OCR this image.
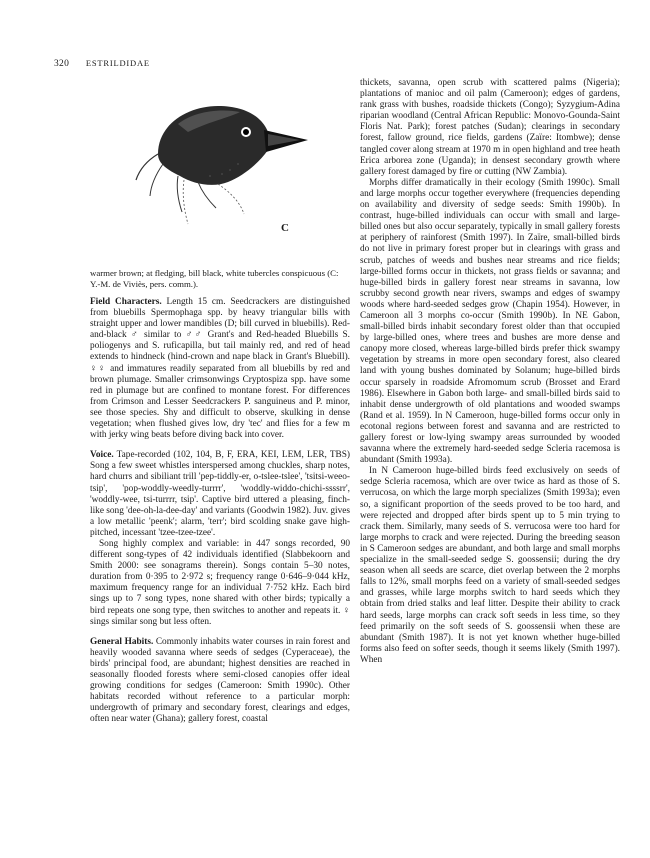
320 ESTRILDIDAE
C
warmer brown; at fledging, bill black, white tubercles conspicuous (C: Y.-M. de Viviès, pers. comm.).

Field Characters. Length 15 cm. Seedcrackers are distinguished from bluebills Spermophaga spp. by heavy triangular bills with straight upper and lower mandibles (D; bill curved in bluebills). Red-and-black ♂ similar to ♂♂ Grant's and Red-headed Bluebills S. poliogenys and S. ruficapilla, but tail mainly red, and red of head extends to hindneck (hind-crown and nape black in Grant's Bluebill). ♀♀ and immatures readily separated from all bluebills by red and brown plumage. Smaller crimsonwings Cryptospiza spp. have some red in plumage but are confined to montane forest. For differences from Crimson and Lesser Seedcrackers P. sanguineus and P. minor, see those species. Shy and difficult to observe, skulking in dense vegetation; when flushed gives low, dry 'tec' and flies for a few m with jerky wing beats before diving back into cover.

Voice. Tape-recorded (102, 104, B, F, ERA, KEI, LEM, LER, TBS) Song a few sweet whistles interspersed among chuckles, sharp notes, hard churrs and sibiliant trill 'pep-tiddly-er, o-tslee-tslee', 'tsitsi-weeo-tsip', 'pop-woddly-weedly-turrrr', 'woddly-widdo-chichi-ssssrr', 'woddly-wee, tsi-turrrr, tsip'. Captive bird uttered a pleasing, finch-like song 'dee-oh-la-dee-day' and variants (Goodwin 1982). Juv. gives a low metallic 'peenk'; alarm, 'terr'; bird scolding snake gave high-pitched, incessant 'tzee-tzee-tzee'.

Song highly complex and variable: in 447 songs recorded, 90 different song-types of 42 individuals identified (Slabbekoorn and Smith 2000: see sonagrams therein). Songs contain 5–30 notes, duration from 0·395 to 2·972 s; frequency range 0·646–9·044 kHz, maximum frequency range for an individual 7·752 kHz. Each bird sings up to 7 song types, none shared with other birds; typically a bird repeats one song type, then switches to another and repeats it. ♀ sings similar song but less often.

General Habits. Commonly inhabits water courses in rain forest and heavily wooded savanna where seeds of sedges (Cyperaceae), the birds' principal food, are abundant; highest densities are reached in seasonally flooded forests where semi-closed canopies offer ideal growing conditions for sedges (Cameroon: Smith 1990c). Other habitats recorded without reference to a particular morph: undergrowth of primary and secondary forest, clearings and edges, often near water (Ghana); gallery forest, coastal

thickets, savanna, open scrub with scattered palms (Nigeria); plantations of manioc and oil palm (Cameroon); edges of gardens, rank grass with bushes, roadside thickets (Congo); Syzygium-Adina riparian woodland (Central African Republic: Monovo-Gounda-Saint Floris Nat. Park); forest patches (Sudan); clearings in secondary forest, fallow ground, rice fields, gardens (Zaïre: Itombwe); dense tangled cover along stream at 1970 m in open highland and tree heath Erica arborea zone (Uganda); in densest secondary growth where gallery forest damaged by fire or cutting (NW Zambia).

Morphs differ dramatically in their ecology (Smith 1990c). Small and large morphs occur together everywhere (frequencies depending on availability and diversity of sedge seeds: Smith 1990b). In contrast, huge-billed individuals can occur with small and large-billed ones but also occur separately, typically in small gallery forests at periphery of rainforest (Smith 1997). In Zaïre, small-billed birds do not live in primary forest proper but in clearings with grass and scrub, patches of weeds and bushes near streams and rice fields; large-billed forms occur in thickets, not grass fields or savanna; and huge-billed birds in gallery forest near streams in savanna, low scrubby second growth near rivers, swamps and edges of swampy woods where hard-seeded sedges grow (Chapin 1954). However, in Cameroon all 3 morphs co-occur (Smith 1990b). In NE Gabon, small-billed birds inhabit secondary forest older than that occupied by large-billed ones, where trees and bushes are more dense and canopy more closed, whereas large-billed birds prefer thick swampy vegetation by streams in more open secondary forest, also cleared land with young bushes dominated by Solanum; huge-billed birds occur sparsely in roadside Afromomum scrub (Brosset and Erard 1986). Elsewhere in Gabon both large- and small-billed birds said to inhabit dense undergrowth of old plantations and wooded swamps (Rand et al. 1959). In N Cameroon, huge-billed forms occur only in ecotonal regions between forest and savanna and are restricted to gallery forest or low-lying swampy areas surrounded by wooded savanna where the extremely hard-seeded sedge Scleria racemosa is abundant (Smith 1993a).

In N Cameroon huge-billed birds feed exclusively on seeds of sedge Scleria racemosa, which are over twice as hard as those of S. verrucosa, on which the large morph specializes (Smith 1993a); even so, a significant proportion of the seeds proved to be too hard, and were rejected and dropped after birds spent up to 5 min trying to crack them. Similarly, many seeds of S. verrucosa were too hard for large morphs to crack and were rejected. During the breeding season in S Cameroon sedges are abundant, and both large and small morphs specialize in the small-seeded sedge S. goossensii; during the dry season when all seeds are scarce, diet overlap between the 2 morphs falls to 12%, small morphs feed on a variety of small-seeded sedges and grasses, while large morphs switch to hard seeds which they obtain from dried stalks and leaf litter. Despite their ability to crack hard seeds, large morphs can crack soft seeds in less time, so they feed primarily on the soft seeds of S. goossensii when these are abundant (Smith 1987). It is not yet known whether huge-billed forms also feed on softer seeds, though it seems likely (Smith 1997). When
